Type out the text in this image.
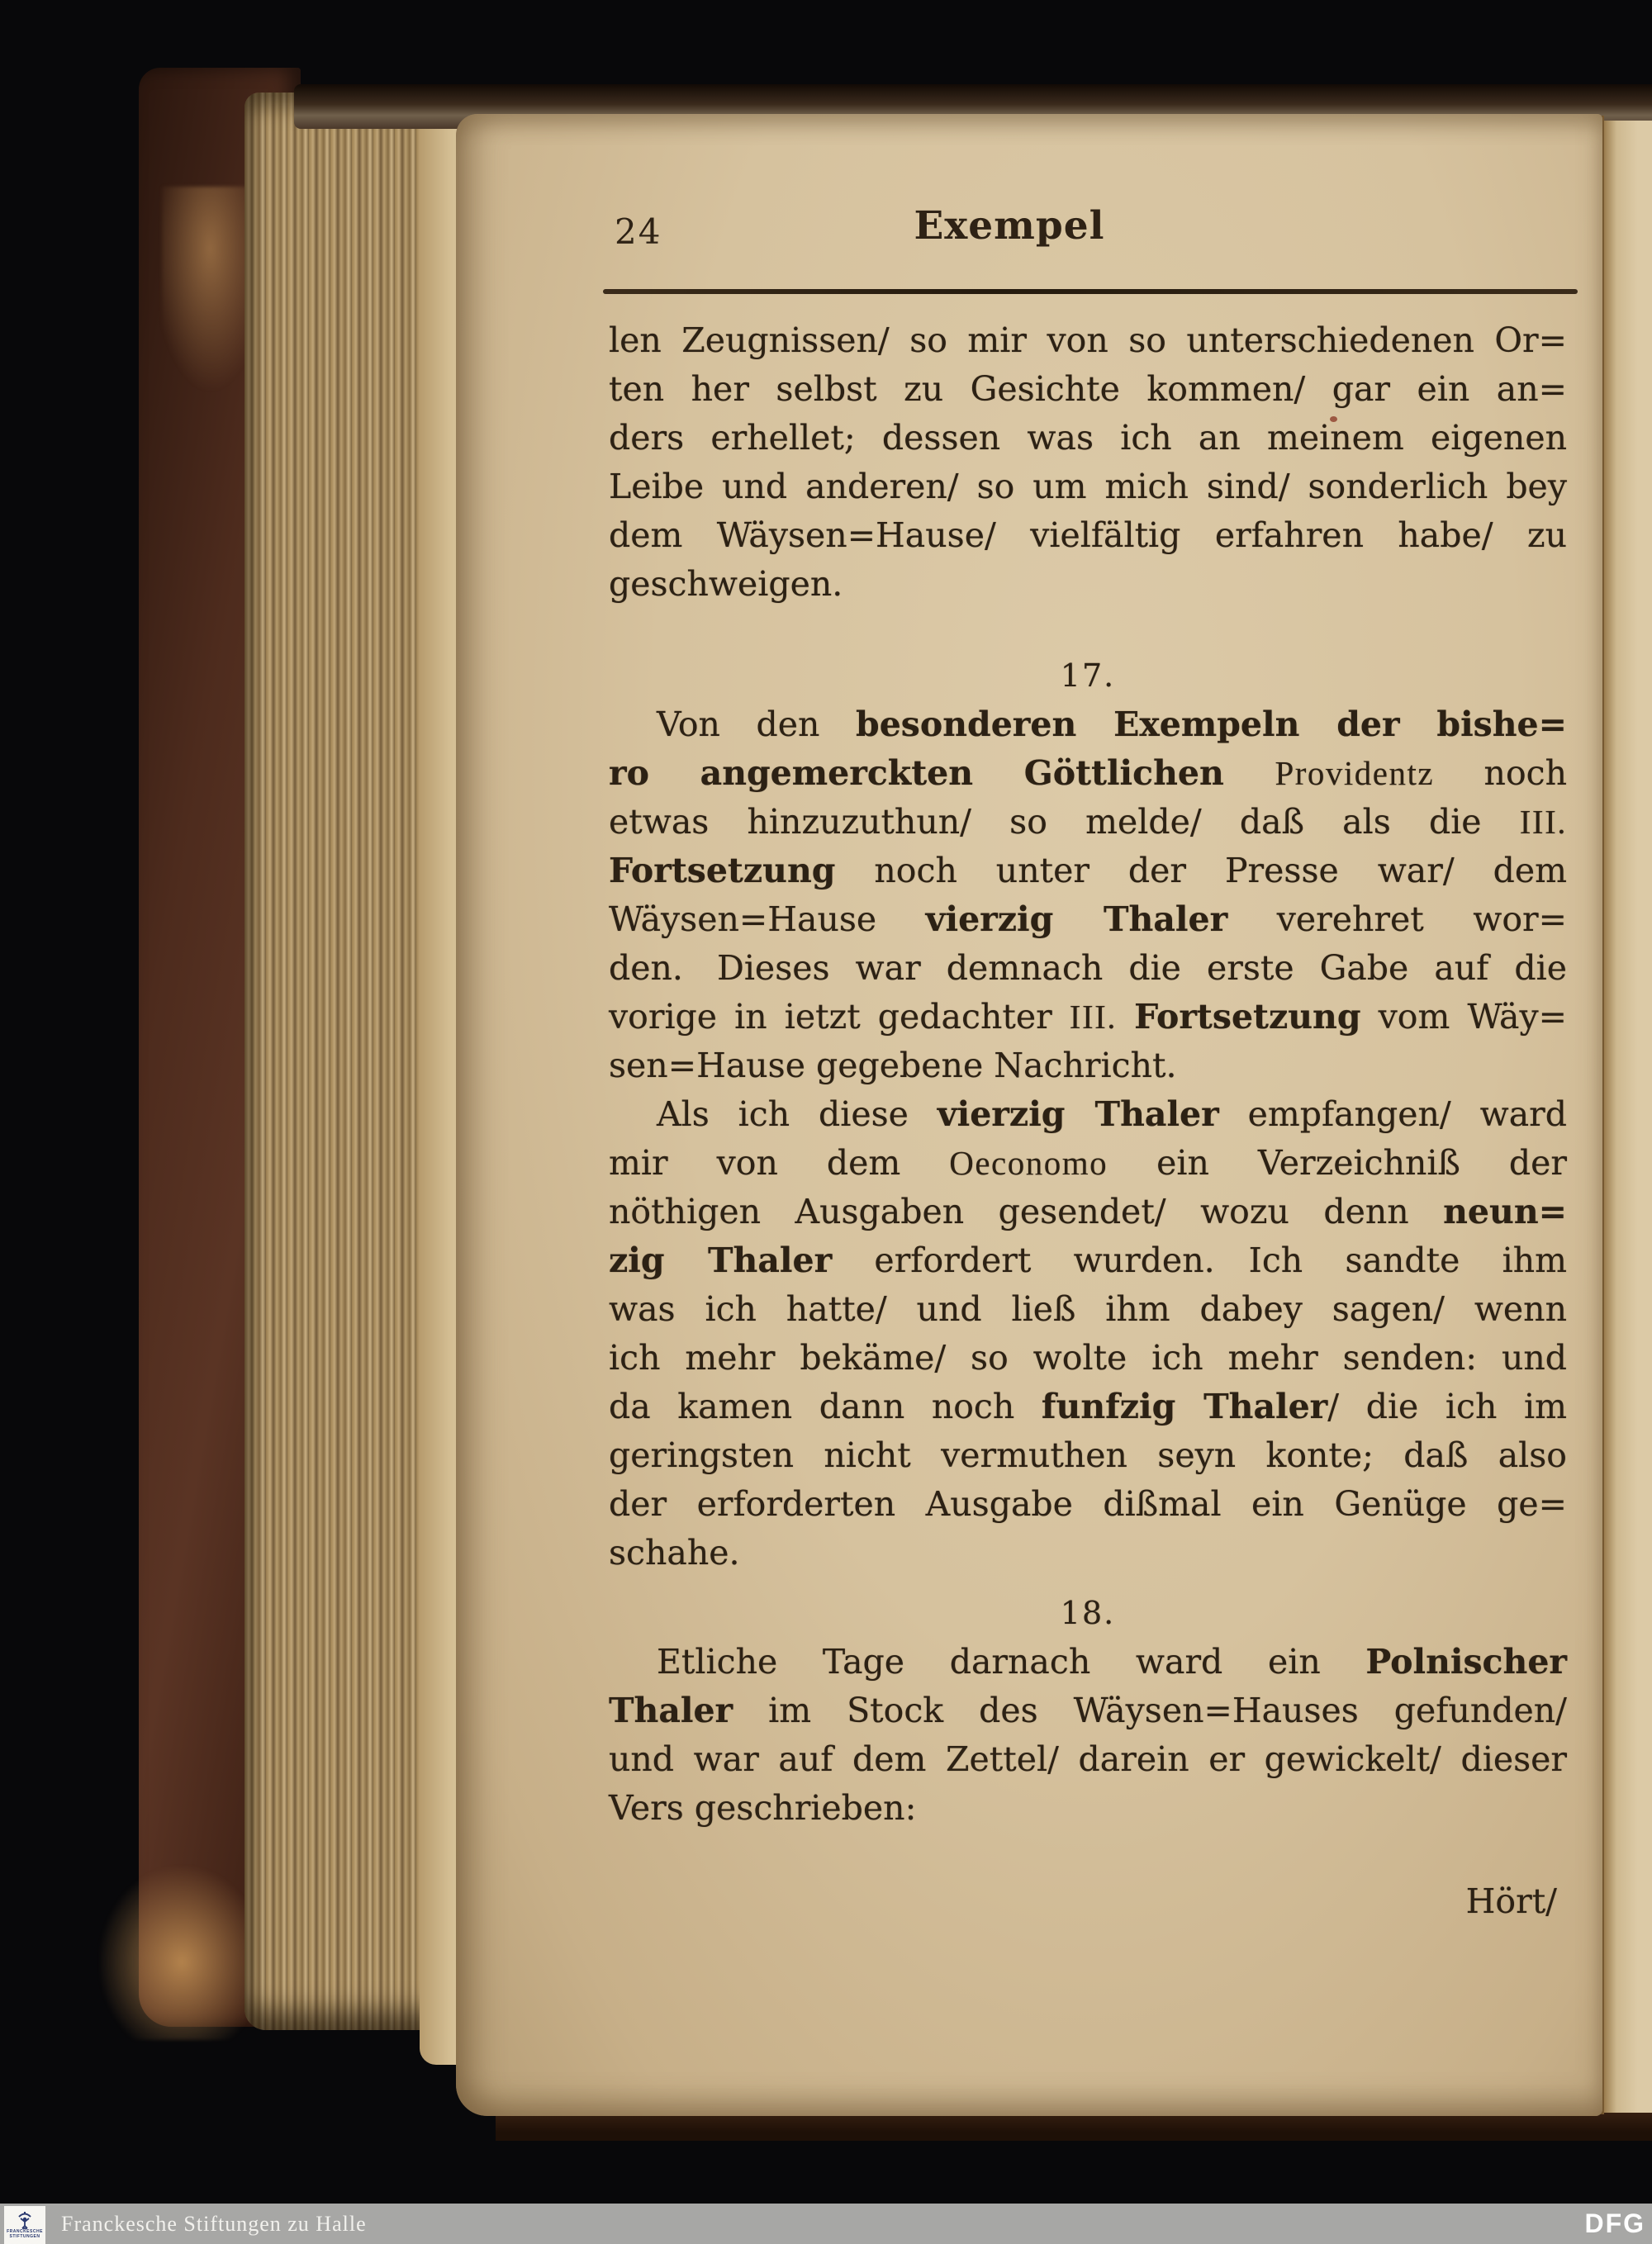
24	Exempel
len Zeugnissen/ so mir von so unterschiedenen Or=
ten her selbst zu Gesichte kommen/ gar ein an=
ders erhellet; dessen was ich an meinem eigenen
Leibe und anderen/ so um mich sind/ sonderlich bey
dem Wäysen=Hause/ vielfältig erfahren habe/ zu
geschweigen.
17.
Von den besonderen Exempeln der bishe=
ro angemerckten Göttlichen Providentz noch
etwas hinzuzuthun/ so melde/ daß als die III.
Fortsetzung noch unter der Presse war/ dem
Wäysen=Hause vierzig Thaler verehret wor=
den.  Dieses war demnach die erste Gabe auf die
vorige in ietzt gedachter III. Fortsetzung vom Wäy=
sen=Hause gegebene Nachricht.
Als ich diese vierzig Thaler empfangen/ ward
mir von dem Oeconomo ein Verzeichniß der
nöthigen Ausgaben gesendet/ wozu denn neun=
zig Thaler erfordert wurden.  Ich sandte ihm
was ich hatte/ und ließ ihm dabey sagen/ wenn
ich mehr bekäme/ so wolte ich mehr senden: und
da kamen dann noch funfzig Thaler/ die ich im
geringsten nicht vermuthen seyn konte; daß also
der erforderten Ausgabe dißmal ein Genüge ge=
schahe.
18.
Etliche Tage darnach ward ein Polnischer
Thaler im Stock des Wäysen=Hauses gefunden/
und war auf dem Zettel/ darein er gewickelt/ dieser
Vers geschrieben:
Hört/
FRANCKESCHE
STIFTUNGEN
Franckesche Stiftungen zu Halle	DFG
